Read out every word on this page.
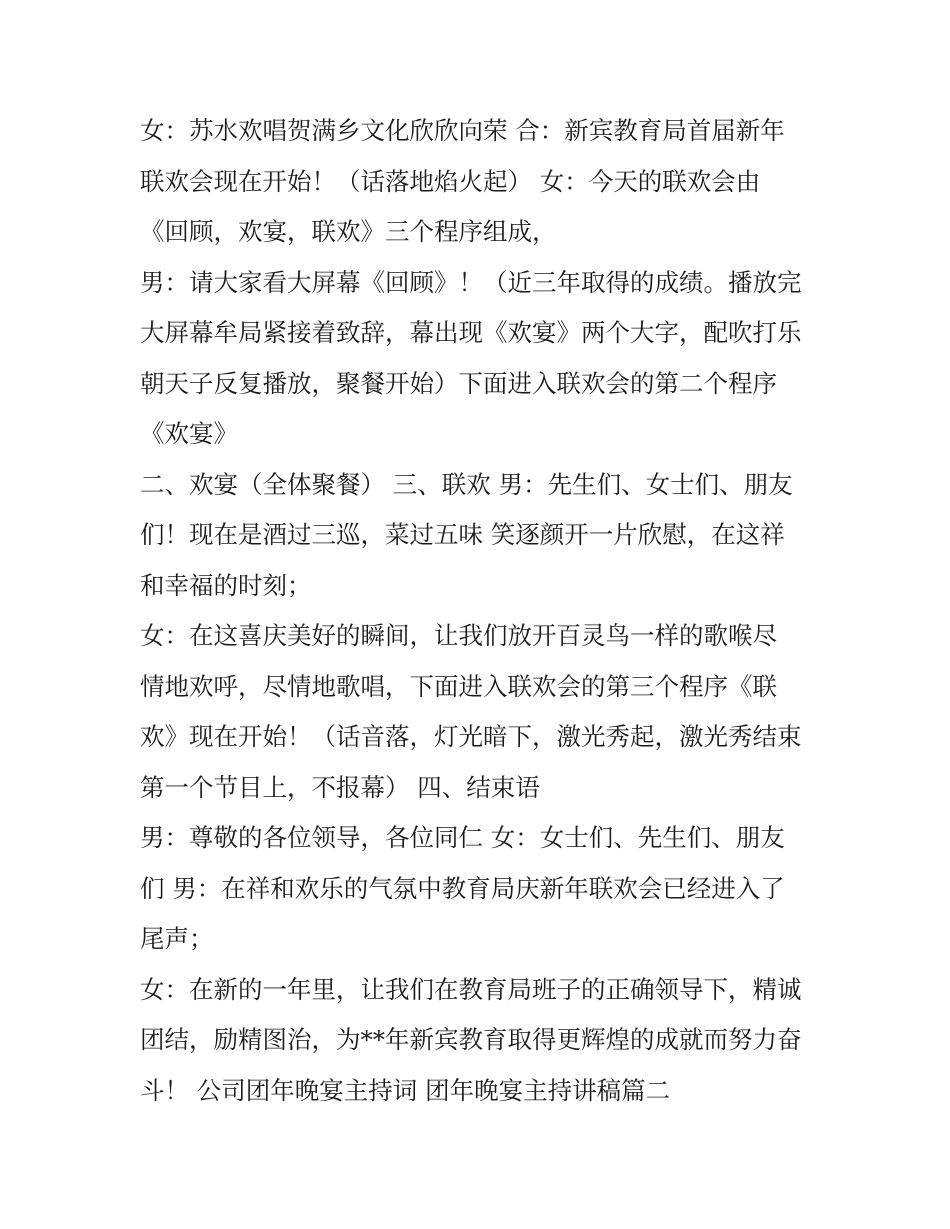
女：苏水欢唱贺满乡文化欣欣向荣 合：新宾教育局首届新年
联欢会现在开始！（话落地焰火起） 女：今天的联欢会由
《回顾，欢宴，联欢》三个程序组成，
男：请大家看大屏幕《回顾》！（近三年取得的成绩。播放完
大屏幕牟局紧接着致辞，幕出现《欢宴》两个大字，配吹打乐
朝天子反复播放，聚餐开始）下面进入联欢会的第二个程序
《欢宴》
二、欢宴（全体聚餐） 三、联欢 男：先生们、女士们、朋友
们！现在是酒过三巡，菜过五味 笑逐颜开一片欣慰，在这祥
和幸福的时刻；
女：在这喜庆美好的瞬间，让我们放开百灵鸟一样的歌喉尽
情地欢呼，尽情地歌唱，下面进入联欢会的第三个程序《联
欢》现在开始！（话音落，灯光暗下，激光秀起，激光秀结束
第一个节目上，不报幕） 四、结束语
男：尊敬的各位领导，各位同仁 女：女士们、先生们、朋友
们 男：在祥和欢乐的气氛中教育局庆新年联欢会已经进入了
尾声；
女：在新的一年里，让我们在教育局班子的正确领导下，精诚
团结，励精图治，为**年新宾教育取得更辉煌的成就而努力奋
斗！ 公司团年晚宴主持词 团年晚宴主持讲稿篇二
